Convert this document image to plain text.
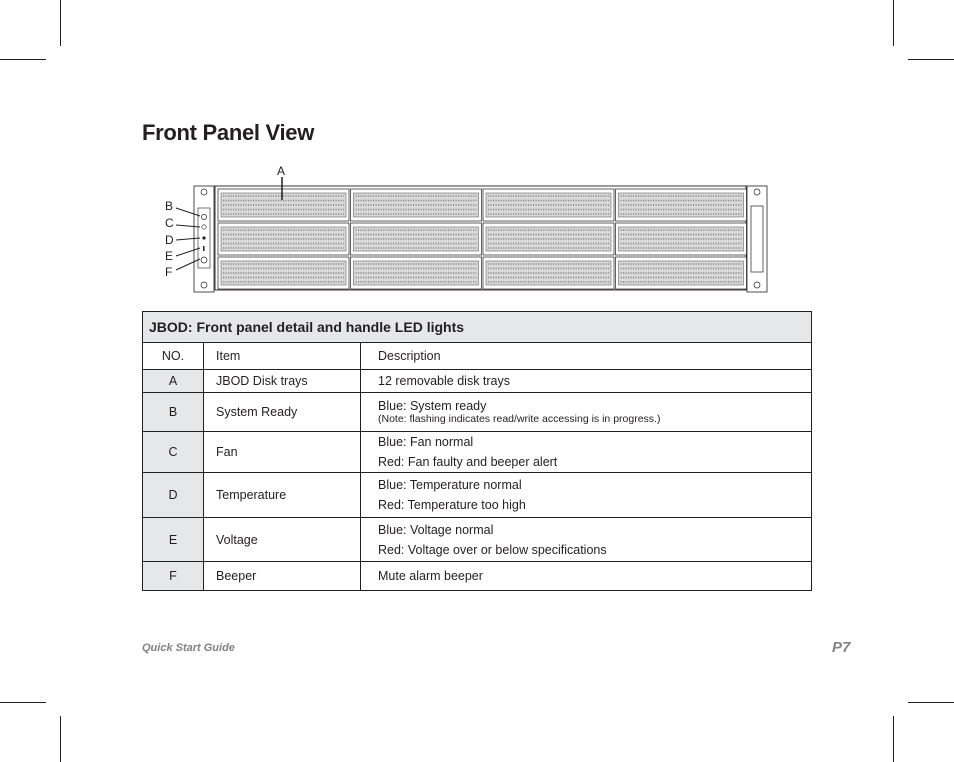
Front Panel View
A
B
C
D
E
F
JBOD: Front panel detail and handle LED lights		
NO.	Item	Description
A	JBOD Disk trays	12 removable disk trays

B	System Ready	Blue: System ready
(Note: flashing indicates read/write accessing is in progress.)

C	Fan	Blue: Fan normal
Red: Fan faulty and beeper alert

D	Temperature	Blue: Temperature normal
Red: Temperature too high

E	Voltage	Blue: Voltage normal
Red: Voltage over or below specifications

F	Beeper	Mute alarm beeper
Quick Start Guide	P7
